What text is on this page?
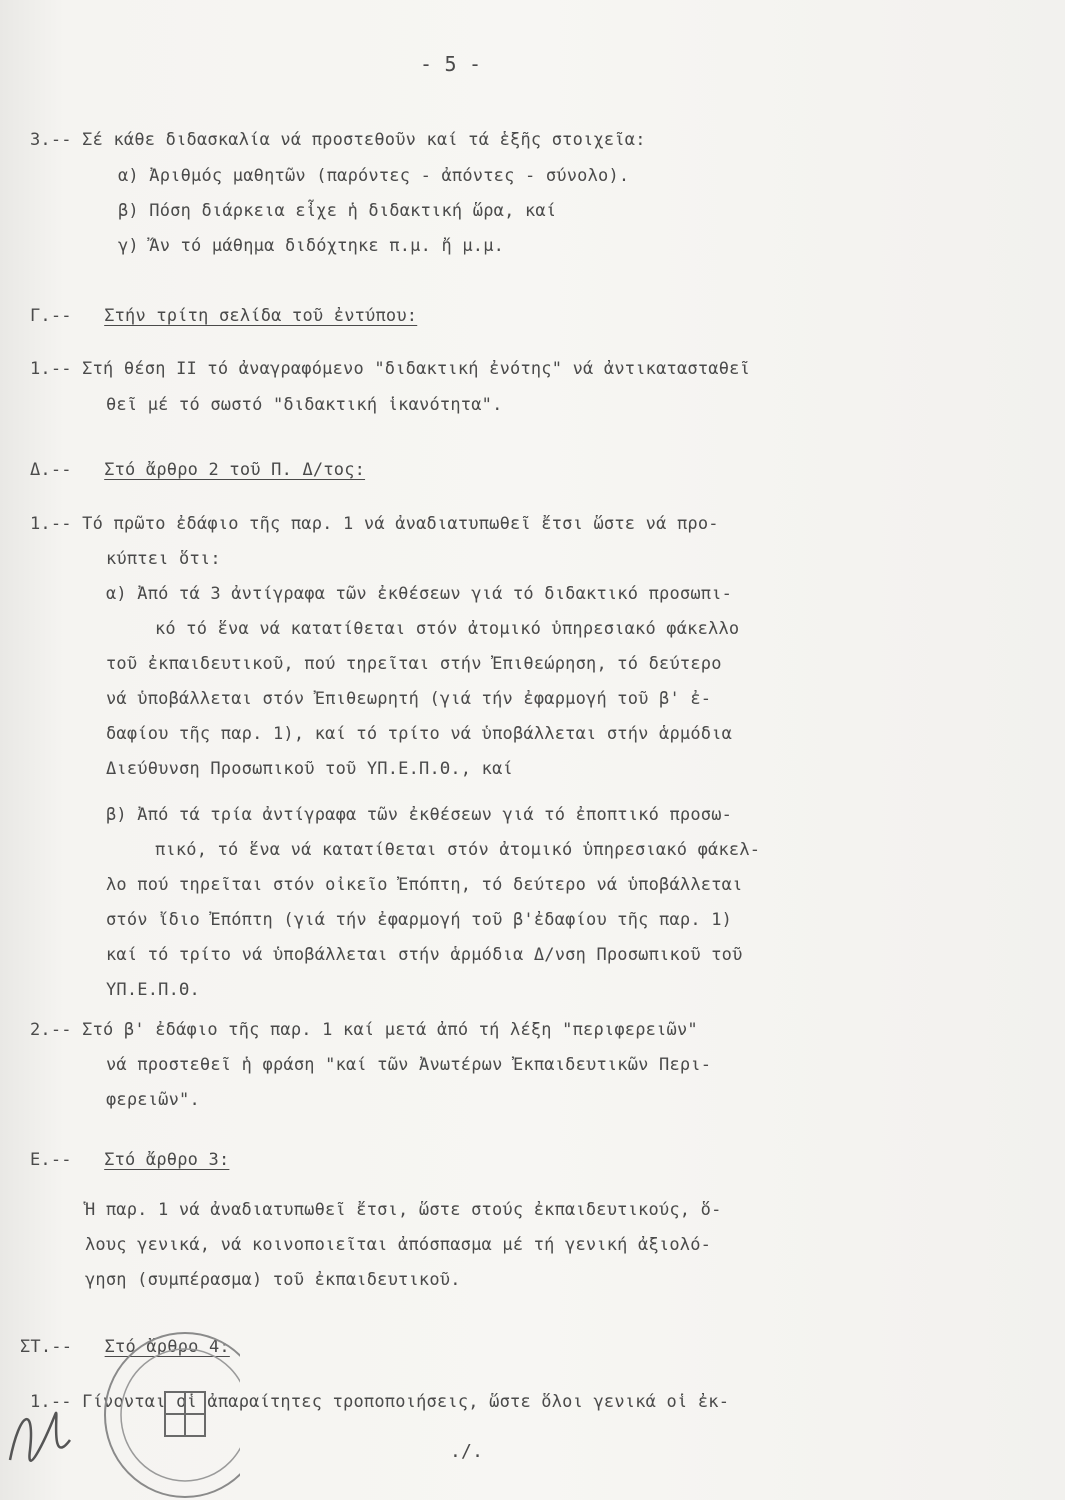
- 5 -
3.-- Σέ κάθε διδασκαλία νά προστεθοῦν καί τά ἑξῆς στοιχεῖα:
α) Ἀριθμός μαθητῶν (παρόντες - ἀπόντες - σύνολο).
β) Πόση διάρκεια εἶχε ἡ διδακτική ὥρα, καί
γ) Ἄν τό μάθημα διδόχτηκε π.μ. ἤ μ.μ.
Γ.-- Στήν τρίτη σελίδα τοῦ ἐντύπου:
1.-- Στή θέση ΙΙ τό ἀναγραφόμενο "διδακτική ἐνότης" νά ἀντικατασταθεῖ
θεῖ μέ τό σωστό "διδακτική ἱκανότητα".
Δ.-- Στό ἄρθρο 2 τοῦ Π. Δ/τος:
1.-- Τό πρῶτο ἐδάφιο τῆς παρ. 1 νά ἀναδιατυπωθεῖ ἔτσι ὥστε νά προ-
κύπτει ὅτι:
α) Ἀπό τά 3 ἀντίγραφα τῶν ἐκθέσεων γιά τό διδακτικό προσωπι-
κό τό ἕνα νά κατατίθεται στόν ἀτομικό ὑπηρεσιακό φάκελλο
τοῦ ἐκπαιδευτικοῦ, πού τηρεῖται στήν Ἐπιθεώρηση, τό δεύτερο
νά ὑποβάλλεται στόν Ἐπιθεωρητή (γιά τήν ἐφαρμογή τοῦ β' ἐ-
δαφίου τῆς παρ. 1), καί τό τρίτο νά ὑποβάλλεται στήν ἁρμόδια
Διεύθυνση Προσωπικοῦ τοῦ ΥΠ.Ε.Π.Θ., καί
β) Ἀπό τά τρία ἀντίγραφα τῶν ἐκθέσεων γιά τό ἐποπτικό προσω-
πικό, τό ἕνα νά κατατίθεται στόν ἀτομικό ὑπηρεσιακό φάκελ-
λο πού τηρεῖται στόν οἰκεῖο Ἐπόπτη, τό δεύτερο νά ὑποβάλλεται
στόν ἴδιο Ἐπόπτη (γιά τήν ἐφαρμογή τοῦ β'ἐδαφίου τῆς παρ. 1)
καί τό τρίτο νά ὑποβάλλεται στήν ἁρμόδια Δ/νση Προσωπικοῦ τοῦ
ΥΠ.Ε.Π.Θ.
2.-- Στό β' ἐδάφιο τῆς παρ. 1 καί μετά ἀπό τή λέξη "περιφερειῶν"
νά προστεθεῖ ἡ φράση "καί τῶν Ἀνωτέρων Ἐκπαιδευτικῶν Περι-
φερειῶν".
Ε.-- Στό ἄρθρο 3:
Ἡ παρ. 1 νά ἀναδιατυπωθεῖ ἔτσι, ὥστε στούς ἐκπαιδευτικούς, ὅ-
λους γενικά, νά κοινοποιεῖται ἀπόσπασμα μέ τή γενική ἀξιολό-
γηση (συμπέρασμα) τοῦ ἐκπαιδευτικοῦ.
ΣΤ.-- Στό ἄρθρο 4:
1.-- Γίνονται οἱ ἀπαραίτητες τροποποιήσεις, ὥστε ὅλοι γενικά οἱ ἐκ-
./.
